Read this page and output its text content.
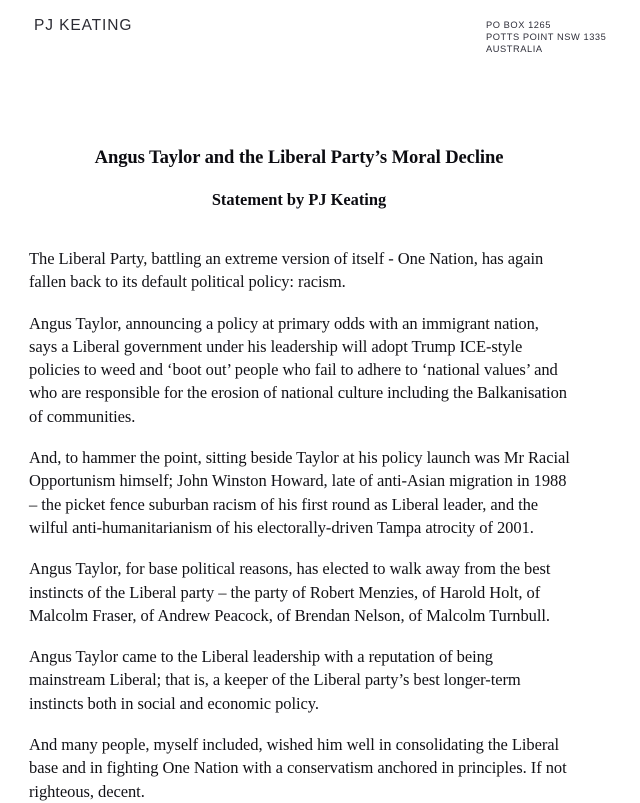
PJ KEATING	PO BOX 1265
POTTS POINT NSW 1335
AUSTRALIA
Angus Taylor and the Liberal Party’s Moral Decline
Statement by PJ Keating

The Liberal Party, battling an extreme version of itself - One Nation, has again fallen back to its default political policy: racism.

Angus Taylor, announcing a policy at primary odds with an immigrant nation, says a Liberal government under his leadership will adopt Trump ICE-style policies to weed and ‘boot out’ people who fail to adhere to ‘national values’ and who are responsible for the erosion of national culture including the Balkanisation of communities.

And, to hammer the point, sitting beside Taylor at his policy launch was Mr Racial Opportunism himself; John Winston Howard, late of anti-Asian migration in 1988 – the picket fence suburban racism of his first round as Liberal leader, and the wilful anti-humanitarianism of his electorally-driven Tampa atrocity of 2001.

Angus Taylor, for base political reasons, has elected to walk away from the best instincts of the Liberal party – the party of Robert Menzies, of Harold Holt, of Malcolm Fraser, of Andrew Peacock, of Brendan Nelson, of Malcolm Turnbull.

Angus Taylor came to the Liberal leadership with a reputation of being mainstream Liberal; that is, a keeper of the Liberal party’s best longer-term instincts both in social and economic policy.

And many people, myself included, wished him well in consolidating the Liberal base and in fighting One Nation with a conservatism anchored in principles. If not righteous, decent.
